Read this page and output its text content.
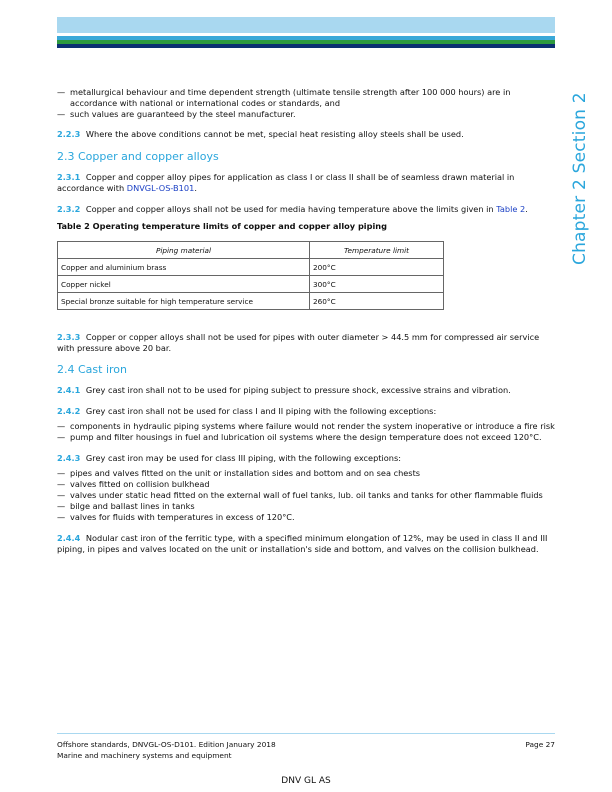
Chapter 2 Section 2
— metallurgical behaviour and time dependent strength (ultimate tensile strength after 100 000 hours) are in accordance with national or international codes or standards, and
— such values are guaranteed by the steel manufacturer.

2.2.3 Where the above conditions cannot be met, special heat resisting alloy steels shall be used.

2.3 Copper and copper alloys

2.3.1 Copper and copper alloy pipes for application as class I or class II shall be of seamless drawn material in accordance with DNVGL-OS-B101.

2.3.2 Copper and copper alloys shall not be used for media having temperature above the limits given in Table 2.

Table 2 Operating temperature limits of copper and copper alloy piping

Piping material	Temperature limit
Copper and aluminium brass	200°C
Copper nickel	300°C
Special bronze suitable for high temperature service	260°C

2.3.3 Copper or copper alloys shall not be used for pipes with outer diameter > 44.5 mm for compressed air service with pressure above 20 bar.

2.4 Cast iron

2.4.1 Grey cast iron shall not to be used for piping subject to pressure shock, excessive strains and vibration.

2.4.2 Grey cast iron shall not be used for class I and II piping with the following exceptions:

— components in hydraulic piping systems where failure would not render the system inoperative or introduce a fire risk
— pump and filter housings in fuel and lubrication oil systems where the design temperature does not exceed 120°C.

2.4.3 Grey cast iron may be used for class III piping, with the following exceptions:

— pipes and valves fitted on the unit or installation sides and bottom and on sea chests
— valves fitted on collision bulkhead
— valves under static head fitted on the external wall of fuel tanks, lub. oil tanks and tanks for other flammable fluids
— bilge and ballast lines in tanks
— valves for fluids with temperatures in excess of 120°C.

2.4.4 Nodular cast iron of the ferritic type, with a specified minimum elongation of 12%, may be used in class II and III piping, in pipes and valves located on the unit or installation's side and bottom, and valves on the collision bulkhead.

Offshore standards, DNVGL-OS-D101. Edition January 2018
Marine and machinery systems and equipment
Page 27
DNV GL AS
